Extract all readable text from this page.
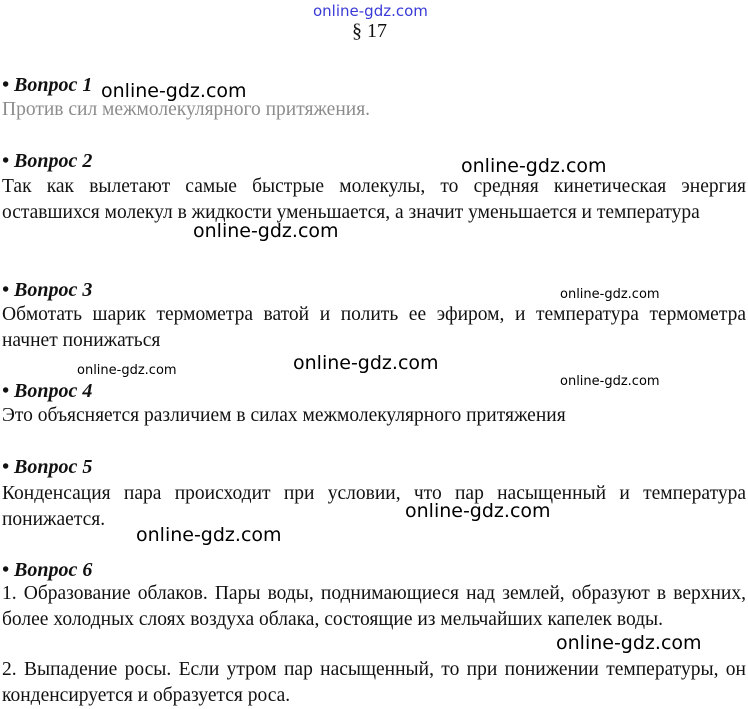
online-gdz.com
§ 17
• Вопрос 1
Против сил межмолекулярного притяжения.
• Вопрос 2
Так как вылетают самые быстрые молекулы, то средняя кинетическая энергия оставшихся молекул в жидкости уменьшается, а значит уменьшается и температура
• Вопрос 3
Обмотать шарик термометра ватой и полить ее эфиром, и температура термометра начнет понижаться
• Вопрос 4
Это объясняется различием в силах межмолекулярного притяжения
• Вопрос 5
Конденсация пара происходит при условии, что пар насыщенный и температура понижается.
• Вопрос 6
1. Образование облаков. Пары воды, поднимающиеся над землей, образуют в верхних, более холодных слоях воздуха облака, состоящие из мельчайших капелек воды.
2. Выпадение росы. Если утром пар насыщенный, то при понижении температуры, он конденсируется и образуется роса.
online-gdz.com
online-gdz.com
online-gdz.com
online-gdz.com
online-gdz.com
online-gdz.com
online-gdz.com
online-gdz.com
online-gdz.com
online-gdz.com
